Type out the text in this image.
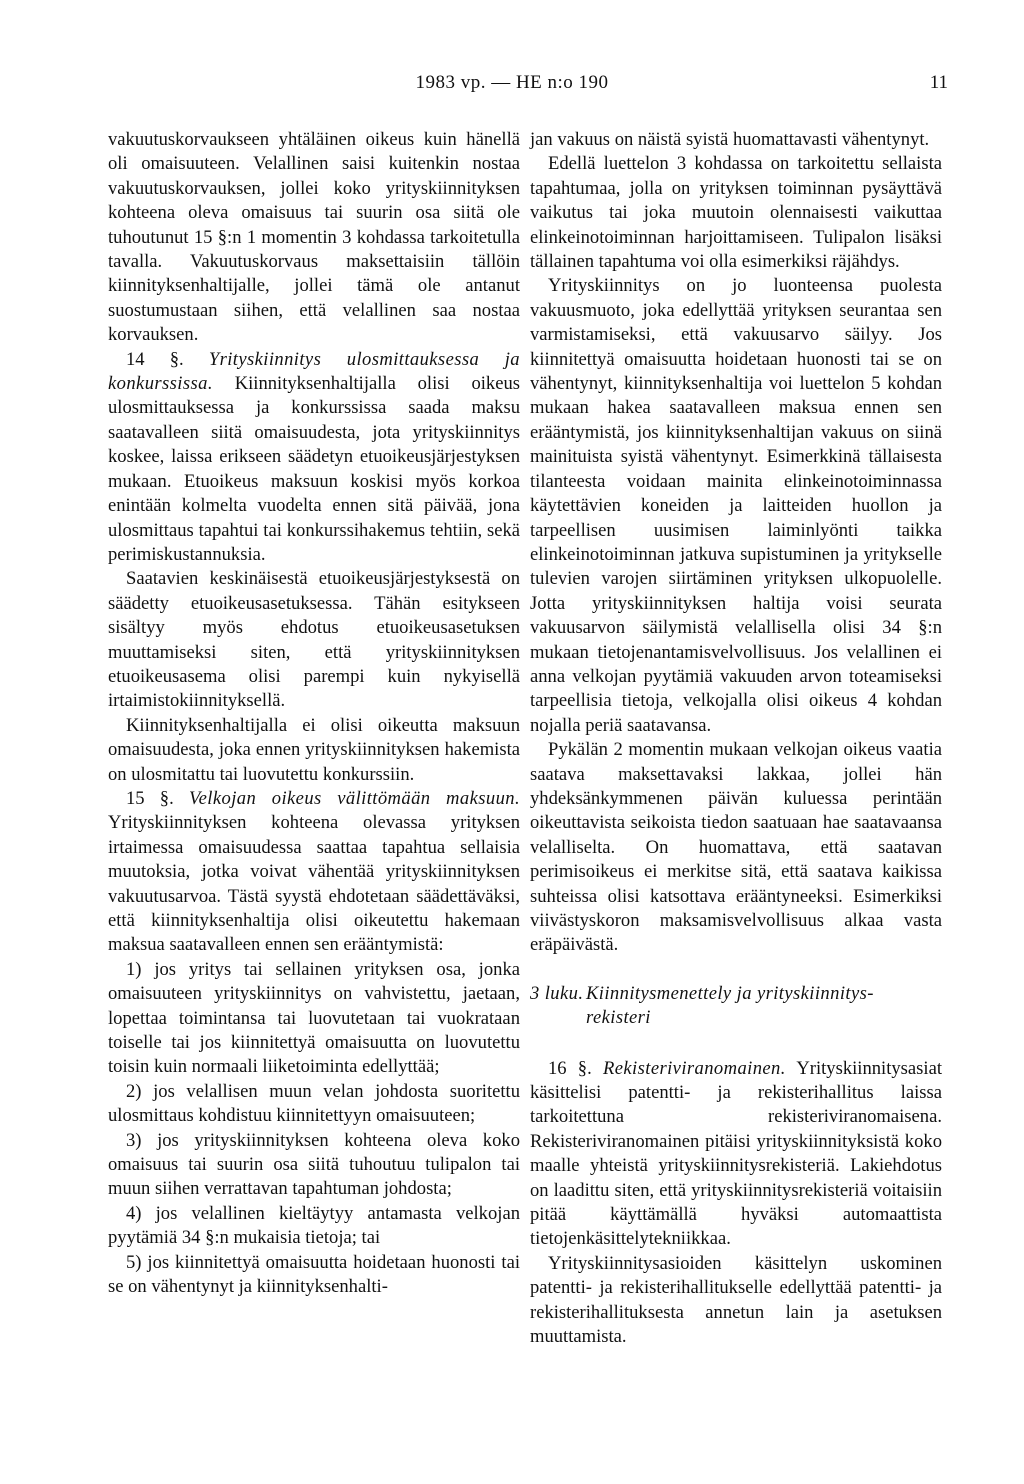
1983 vp. — HE n:o 190	11

vakuutuskorvaukseen yhtäläinen oikeus kuin hänellä oli omaisuuteen. Velallinen saisi kuitenkin nostaa vakuutuskorvauksen, jollei koko yrityskiinnityksen kohteena oleva omaisuus tai suurin osa siitä ole tuhoutunut 15 §:n 1 momentin 3 kohdassa tarkoitetulla tavalla. Vakuutuskorvaus maksettaisiin tällöin kiinnityksenhaltijalle, jollei tämä ole antanut suostumustaan siihen, että velallinen saa nostaa korvauksen.

14 §. Yrityskiinnitys ulosmittauksessa ja konkurssissa. Kiinnityksenhaltijalla olisi oikeus ulosmittauksessa ja konkurssissa saada maksu saatavalleen siitä omaisuudesta, jota yrityskiinnitys koskee, laissa erikseen säädetyn etuoikeusjärjestyksen mukaan. Etuoikeus maksuun koskisi myös korkoa enintään kolmelta vuodelta ennen sitä päivää, jona ulosmittaus tapahtui tai konkurssihakemus tehtiin, sekä perimiskustannuksia.

Saatavien keskinäisestä etuoikeusjärjestyksestä on säädetty etuoikeusasetuksessa. Tähän esitykseen sisältyy myös ehdotus etuoikeusasetuksen muuttamiseksi siten, että yrityskiinnityksen etuoikeusasema olisi parempi kuin nykyisellä irtaimistokiinnityksellä.

Kiinnityksenhaltijalla ei olisi oikeutta maksuun omaisuudesta, joka ennen yrityskiinnityksen hakemista on ulosmitattu tai luovutettu konkurssiin.

15 §. Velkojan oikeus välittömään maksuun. Yrityskiinnityksen kohteena olevassa yrityksen irtaimessa omaisuudessa saattaa tapahtua sellaisia muutoksia, jotka voivat vähentää yrityskiinnityksen vakuutusarvoa. Tästä syystä ehdotetaan säädettäväksi, että kiinnityksenhaltija olisi oikeutettu hakemaan maksua saatavalleen ennen sen erääntymistä:

1) jos yritys tai sellainen yrityksen osa, jonka omaisuuteen yrityskiinnitys on vahvistettu, jaetaan, lopettaa toimintansa tai luovutetaan tai vuokrataan toiselle tai jos kiinnitettyä omaisuutta on luovutettu toisin kuin normaali liiketoiminta edellyttää;

2) jos velallisen muun velan johdosta suoritettu ulosmittaus kohdistuu kiinnitettyyn omaisuuteen;

3) jos yrityskiinnityksen kohteena oleva koko omaisuus tai suurin osa siitä tuhoutuu tulipalon tai muun siihen verrattavan tapahtuman johdosta;

4) jos velallinen kieltäytyy antamasta velkojan pyytämiä 34 §:n mukaisia tietoja; tai

5) jos kiinnitettyä omaisuutta hoidetaan huonosti tai se on vähentynyt ja kiinnityksenhalti-

jan vakuus on näistä syistä huomattavasti vähentynyt.

Edellä luettelon 3 kohdassa on tarkoitettu sellaista tapahtumaa, jolla on yrityksen toiminnan pysäyttävä vaikutus tai joka muutoin olennaisesti vaikuttaa elinkeinotoiminnan harjoittamiseen. Tulipalon lisäksi tällainen tapahtuma voi olla esimerkiksi räjähdys.

Yrityskiinnitys on jo luonteensa puolesta vakuusmuoto, joka edellyttää yrityksen seurantaa sen varmistamiseksi, että vakuusarvo säilyy. Jos kiinnitettyä omaisuutta hoidetaan huonosti tai se on vähentynyt, kiinnityksenhaltija voi luettelon 5 kohdan mukaan hakea saatavalleen maksua ennen sen erääntymistä, jos kiinnityksenhaltijan vakuus on siinä mainituista syistä vähentynyt. Esimerkkinä tällaisesta tilanteesta voidaan mainita elinkeinotoiminnassa käytettävien koneiden ja laitteiden huollon ja tarpeellisen uusimisen laiminlyönti taikka elinkeinotoiminnan jatkuva supistuminen ja yritykselle tulevien varojen siirtäminen yrityksen ulkopuolelle. Jotta yrityskiinnityksen haltija voisi seurata vakuusarvon säilymistä velallisella olisi 34 §:n mukaan tietojenantamisvelvollisuus. Jos velallinen ei anna velkojan pyytämiä vakuuden arvon toteamiseksi tarpeellisia tietoja, velkojalla olisi oikeus 4 kohdan nojalla periä saatavansa.

Pykälän 2 momentin mukaan velkojan oikeus vaatia saatava maksettavaksi lakkaa, jollei hän yhdeksänkymmenen päivän kuluessa perintään oikeuttavista seikoista tiedon saatuaan hae saatavaansa velalliselta. On huomattava, että saatavan perimisoikeus ei merkitse sitä, että saatava kaikissa suhteissa olisi katsottava erääntyneeksi. Esimerkiksi viivästyskoron maksamisvelvollisuus alkaa vasta eräpäivästä.

3 luku. Kiinnitysmenettely ja yrityskiinnitys-
rekisteri

16 §. Rekisteriviranomainen. Yrityskiinnitysasiat käsittelisi patentti- ja rekisterihallitus laissa tarkoitettuna rekisteriviranomaisena. Rekisteriviranomainen pitäisi yrityskiinnityksistä koko maalle yhteistä yrityskiinnitysrekisteriä. Lakiehdotus on laadittu siten, että yrityskiinnitysrekisteriä voitaisiin pitää käyttämällä hyväksi automaattista tietojenkäsittelytekniikkaa.

Yrityskiinnitysasioiden käsittelyn uskominen patentti- ja rekisterihallitukselle edellyttää patentti- ja rekisterihallituksesta annetun lain ja asetuksen muuttamista.
